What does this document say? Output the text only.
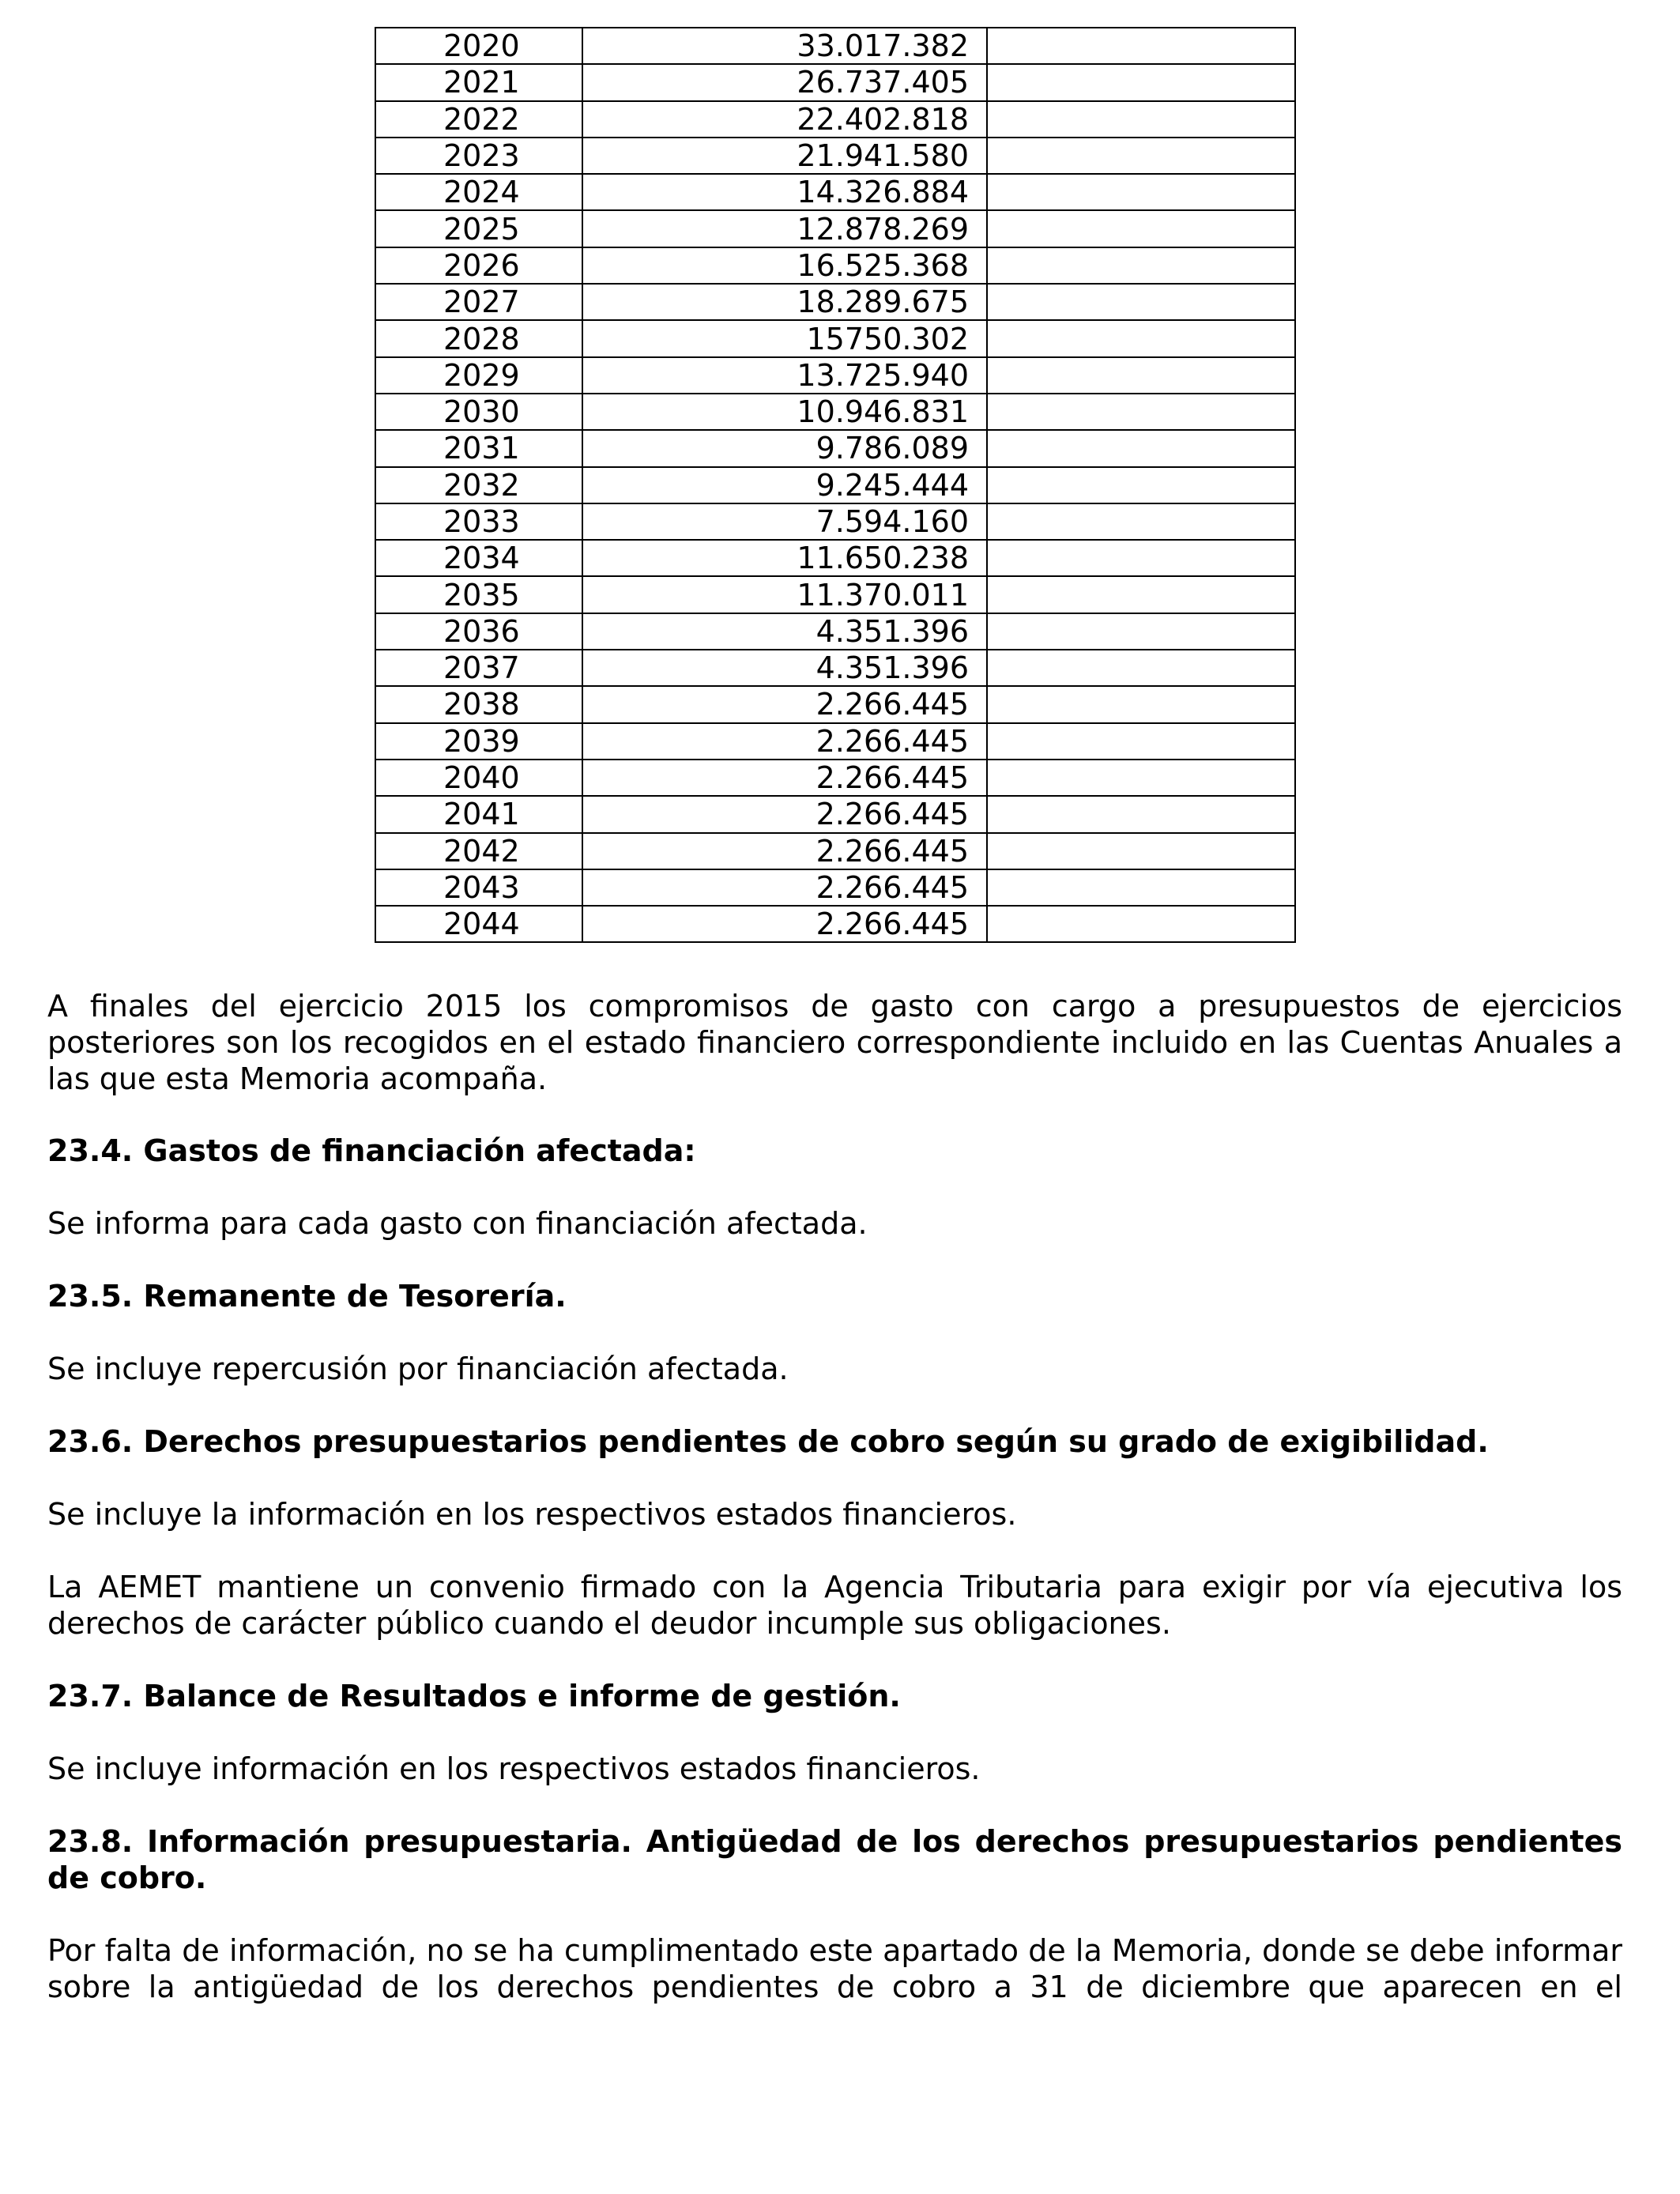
2020	33.017.382	
2021	26.737.405	
2022	22.402.818	
2023	21.941.580	
2024	14.326.884	
2025	12.878.269	
2026	16.525.368	
2027	18.289.675	
2028	15750.302	
2029	13.725.940	
2030	10.946.831	
2031	9.786.089	
2032	9.245.444	
2033	7.594.160	
2034	11.650.238	
2035	11.370.011	
2036	4.351.396	
2037	4.351.396	
2038	2.266.445	
2039	2.266.445	
2040	2.266.445	
2041	2.266.445	
2042	2.266.445	
2043	2.266.445	
2044	2.266.445	

A finales del ejercicio 2015 los compromisos de gasto con cargo a presupuestos de ejercicios posteriores son los recogidos en el estado financiero correspondiente incluido en las Cuentas Anuales a las que esta Memoria acompaña.

23.4. Gastos de financiación afectada:

Se informa para cada gasto con financiación afectada.

23.5. Remanente de Tesorería.

Se incluye repercusión por financiación afectada.

23.6. Derechos presupuestarios pendientes de cobro según su grado de exigibilidad.

Se incluye la información en los respectivos estados financieros.

La AEMET mantiene un convenio firmado con la Agencia Tributaria para exigir por vía ejecutiva los derechos de carácter público cuando el deudor incumple sus obligaciones.

23.7. Balance de Resultados e informe de gestión.

Se incluye información en los respectivos estados financieros.

23.8. Información presupuestaria. Antigüedad de los derechos presupuestarios pendientes de cobro.

Por falta de información, no se ha cumplimentado este apartado de la Memoria, donde se debe informar sobre la antigüedad de los derechos pendientes de cobro a 31 de diciembre que aparecen en el
